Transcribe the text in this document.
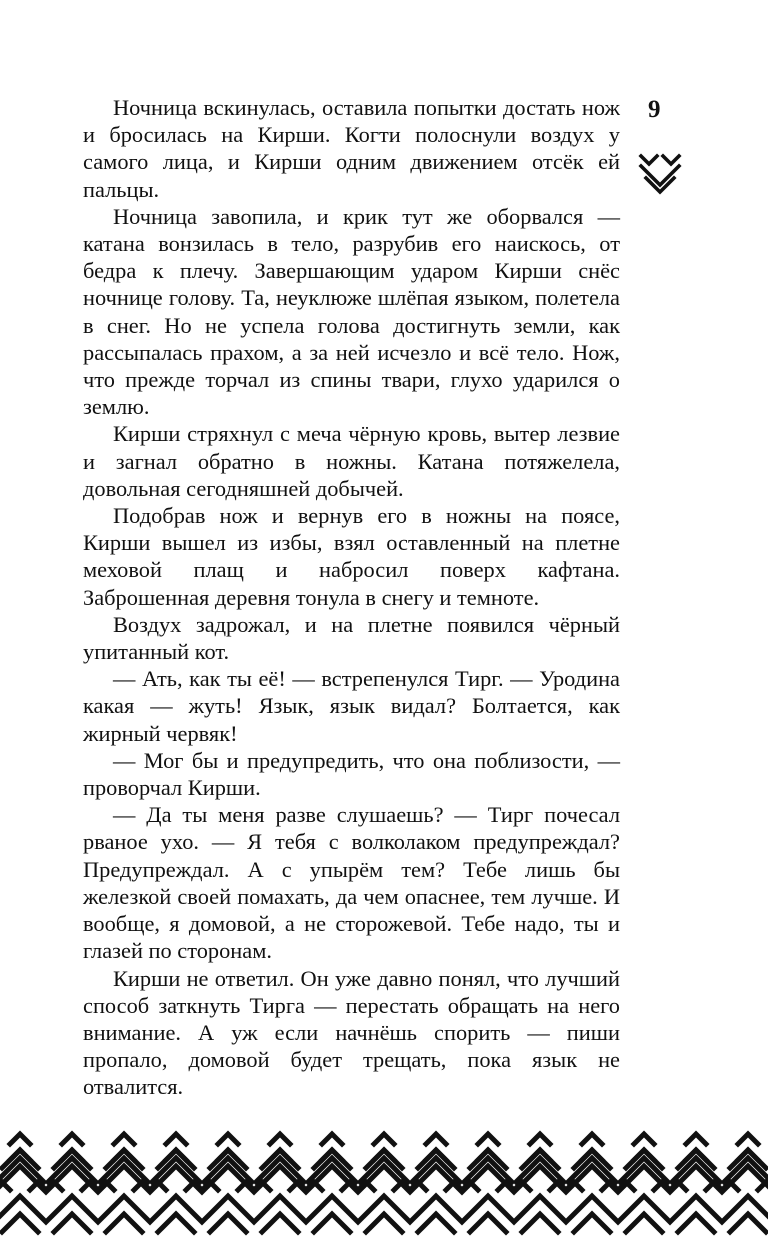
9

Ночница вскинулась, оставила попытки достать нож и бросилась на Кирши. Когти полоснули воздух у самого лица, и Кирши одним движением отсёк ей пальцы.

Ночница завопила, и крик тут же оборвался — катана вонзилась в тело, разрубив его наискось, от бедра к плечу. Завершающим ударом Кирши снёс ночнице голову. Та, неуклюже шлёпая языком, полетела в снег. Но не успела голова достигнуть земли, как рассыпалась прахом, а за ней исчезло и всё тело. Нож, что прежде торчал из спины твари, глухо ударился о землю.

Кирши стряхнул с меча чёрную кровь, вытер лезвие и загнал обратно в ножны. Катана потяжелела, довольная сегодняшней добычей.

Подобрав нож и вернув его в ножны на поясе, Кирши вышел из избы, взял оставленный на плетне меховой плащ и набросил поверх кафтана. Заброшенная деревня тонула в снегу и темноте.

Воздух задрожал, и на плетне появился чёрный упитанный кот.

— Ать, как ты её! — встрепенулся Тирг. — Уродина какая — жуть! Язык, язык видал? Болтается, как жирный червяк!

— Мог бы и предупредить, что она поблизости, — проворчал Кирши.

— Да ты меня разве слушаешь? — Тирг почесал рваное ухо. — Я тебя с волколаком предупреждал? Предупреждал. А с упырём тем? Тебе лишь бы железкой своей помахать, да чем опаснее, тем лучше. И вообще, я домовой, а не сторожевой. Тебе надо, ты и глазей по сторонам.

Кирши не ответил. Он уже давно понял, что лучший способ заткнуть Тирга — перестать обращать на него внимание. А уж если начнёшь спорить — пиши пропало, домовой будет трещать, пока язык не отвалится.
